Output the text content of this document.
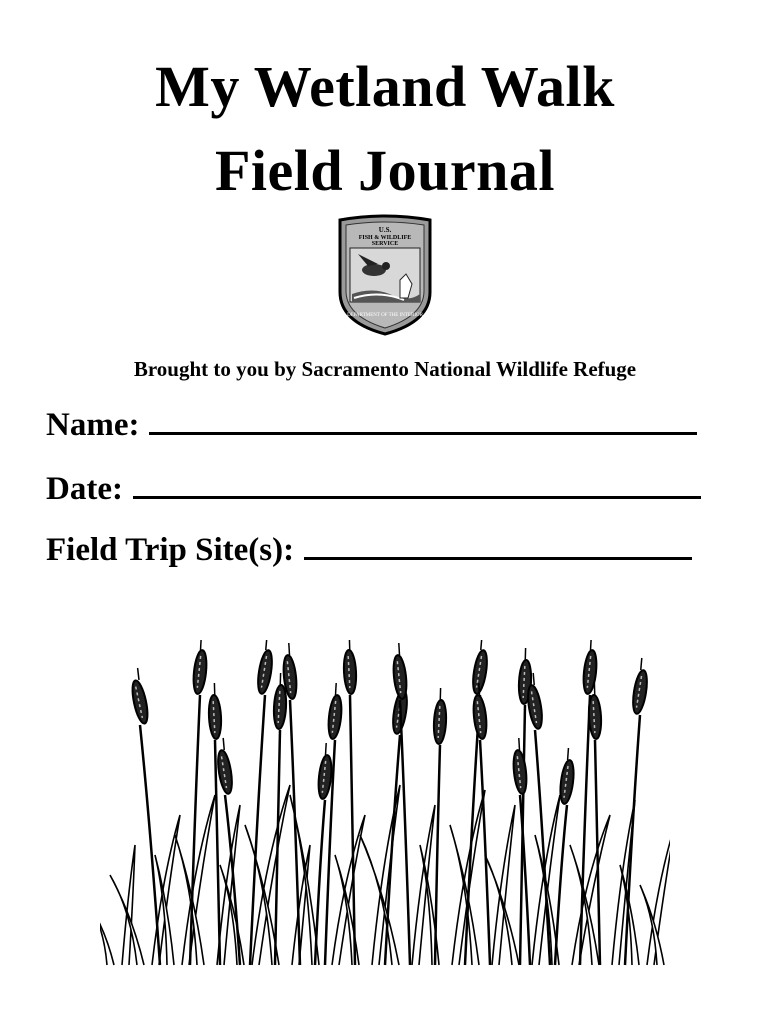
My Wetland Walk
Field Journal
U.S.
FISH & WILDLIFE
SERVICE
DEPARTMENT OF THE INTERIOR
Brought to you by Sacramento National Wildlife Refuge
Name:
Date:
Field Trip Site(s):
